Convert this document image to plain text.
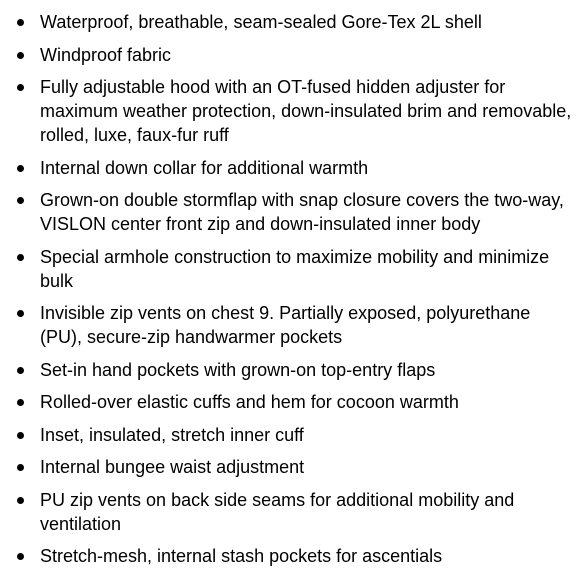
Waterproof, breathable, seam-sealed Gore-Tex 2L shell
Windproof fabric
Fully adjustable hood with an OT-fused hidden adjuster for maximum weather protection, down-insulated brim and removable, rolled, luxe, faux-fur ruff
Internal down collar for additional warmth
Grown-on double stormflap with snap closure covers the two-way, VISLON center front zip and down-insulated inner body
Special armhole construction to maximize mobility and minimize bulk
Invisible zip vents on chest 9. Partially exposed, polyurethane (PU), secure-zip handwarmer pockets
Set-in hand pockets with grown-on top-entry flaps
Rolled-over elastic cuffs and hem for cocoon warmth
Inset, insulated, stretch inner cuff
Internal bungee waist adjustment
PU zip vents on back side seams for additional mobility and ventilation
Stretch-mesh, internal stash pockets for ascentials
